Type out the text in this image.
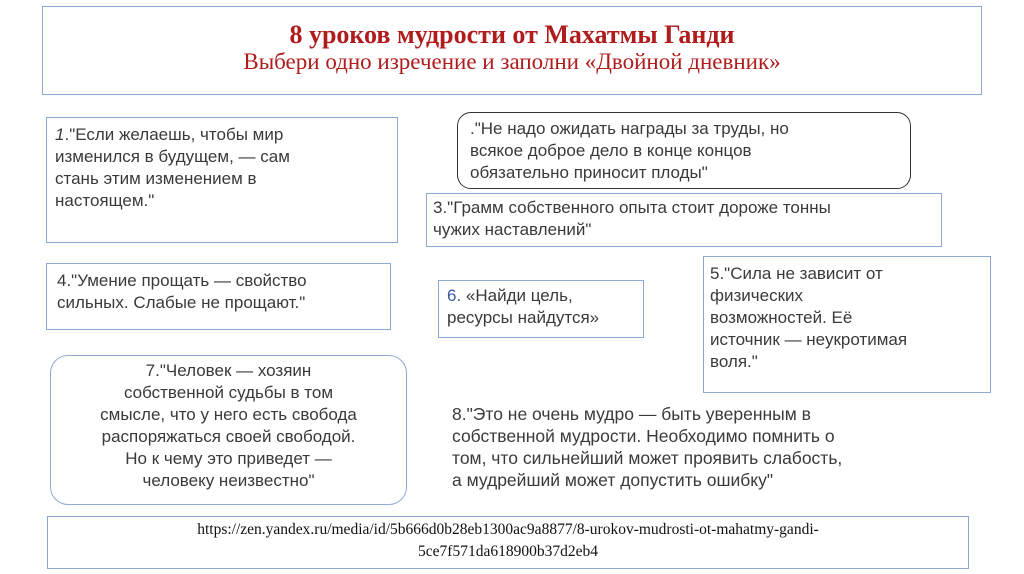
8 уроков мудрости от Махатмы Ганди
Выбери одно изречение и заполни «Двойной дневник»
1."Если желаешь, чтобы мир
изменился в будущем, — сам
стань этим изменением в
настоящем."
."Не надо ожидать награды за труды, но
всякое доброе дело в конце концов
обязательно приносит плоды"
3."Грамм собственного опыта стоит дороже тонны
чужих наставлений"
4."Умение прощать — свойство
сильных. Слабые не прощают."	6. «Найди цель,
ресурсы найдутся»
5."Сила не зависит от
физических
возможностей. Её
источник — неукротимая
воля."
7."Человек — хозяин
собственной судьбы в том
смысле, что у него есть свобода
распоряжаться своей свободой.
Но к чему это приведет —
человеку неизвестно"
8."Это не очень мудро — быть уверенным в
собственной мудрости. Необходимо помнить о
том, что сильнейший может проявить слабость,
а мудрейший может допустить ошибку"
https://zen.yandex.ru/media/id/5b666d0b28eb1300ac9a8877/8-urokov-mudrosti-ot-mahatmy-gandi-
5ce7f571da618900b37d2eb4
